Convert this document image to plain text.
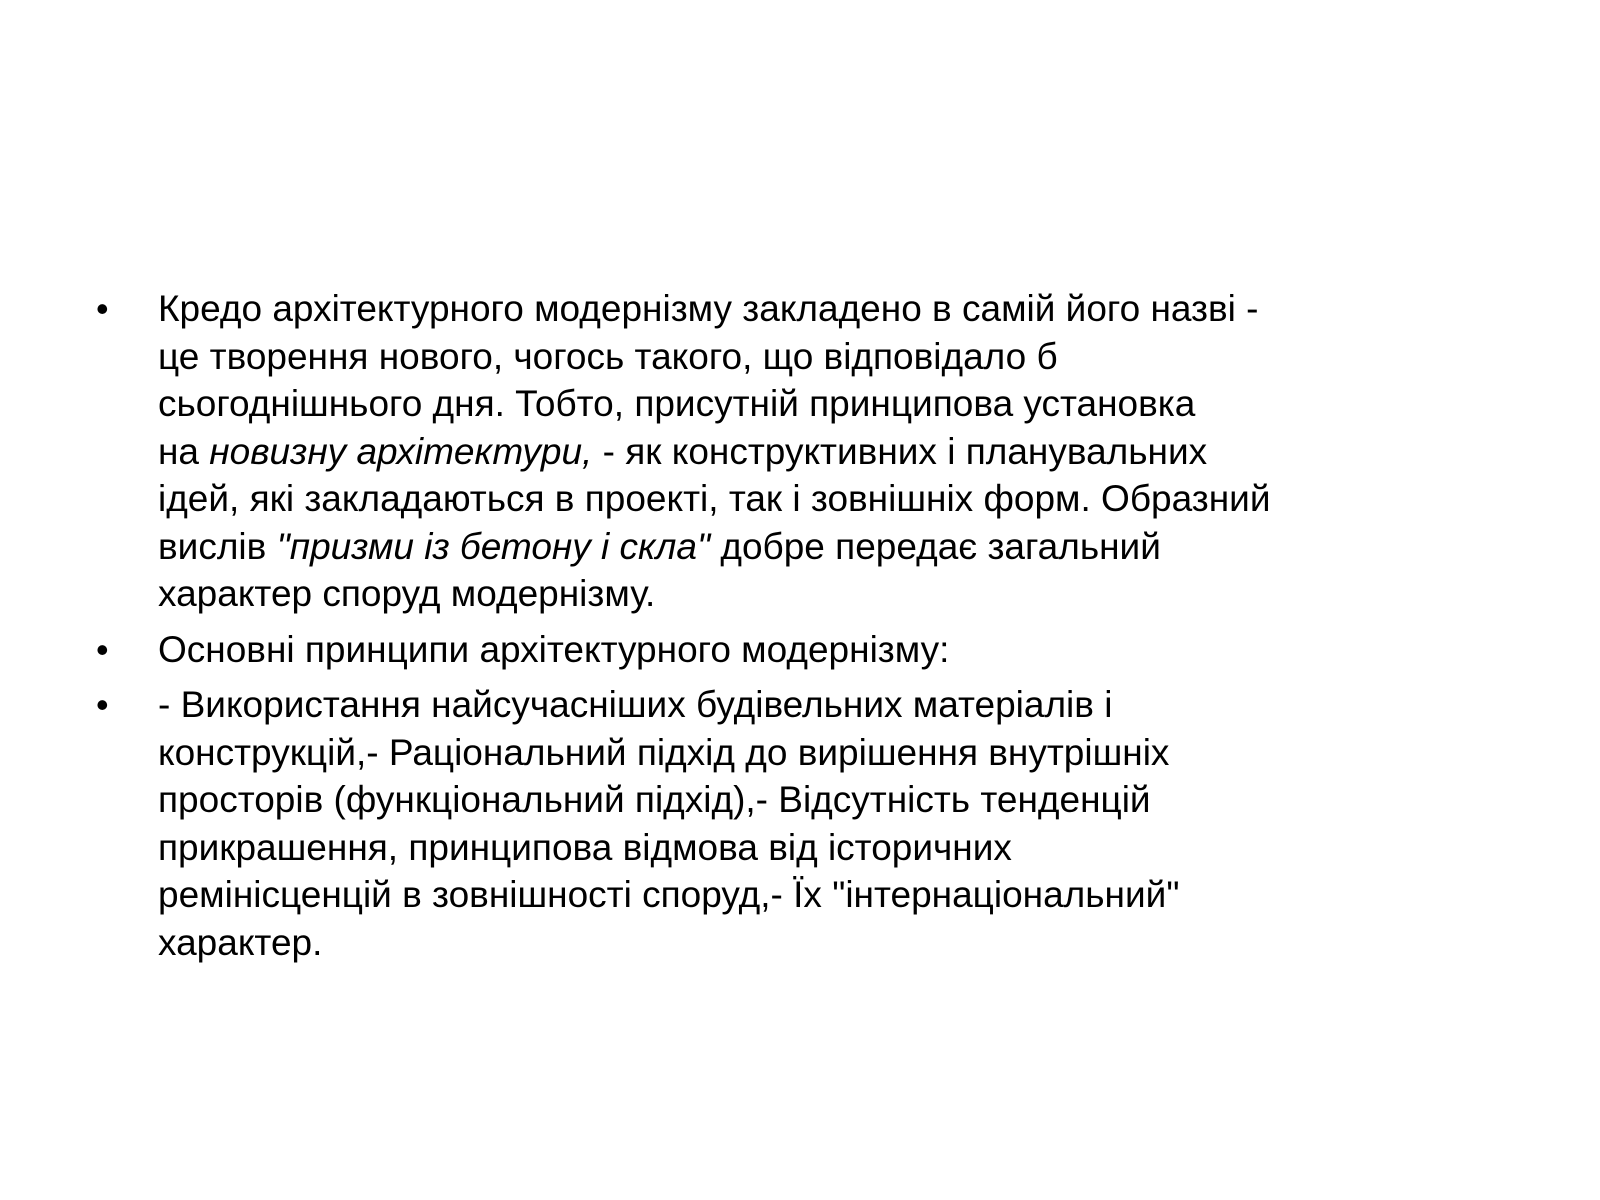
•	Кредо архітектурного модернізму закладено в самій його назві -
це творення нового, чогось такого, що відповідало б
сьогоднішнього дня. Тобто, присутній принципова установка
на новизну архітектури, - як конструктивних і планувальних
ідей, які закладаються в проекті, так і зовнішніх форм. Образний
вислів "призми із бетону і скла" добре передає загальний
характер споруд модернізму.
•	Основні принципи архітектурного модернізму:
•	- Використання найсучасніших будівельних матеріалів і
конструкцій,- Раціональний підхід до вирішення внутрішніх
просторів (функціональний підхід),- Відсутність тенденцій
прикрашення, принципова відмова від історичних
ремінісценцій в зовнішності споруд,- Їх "інтернаціональний"
характер.
